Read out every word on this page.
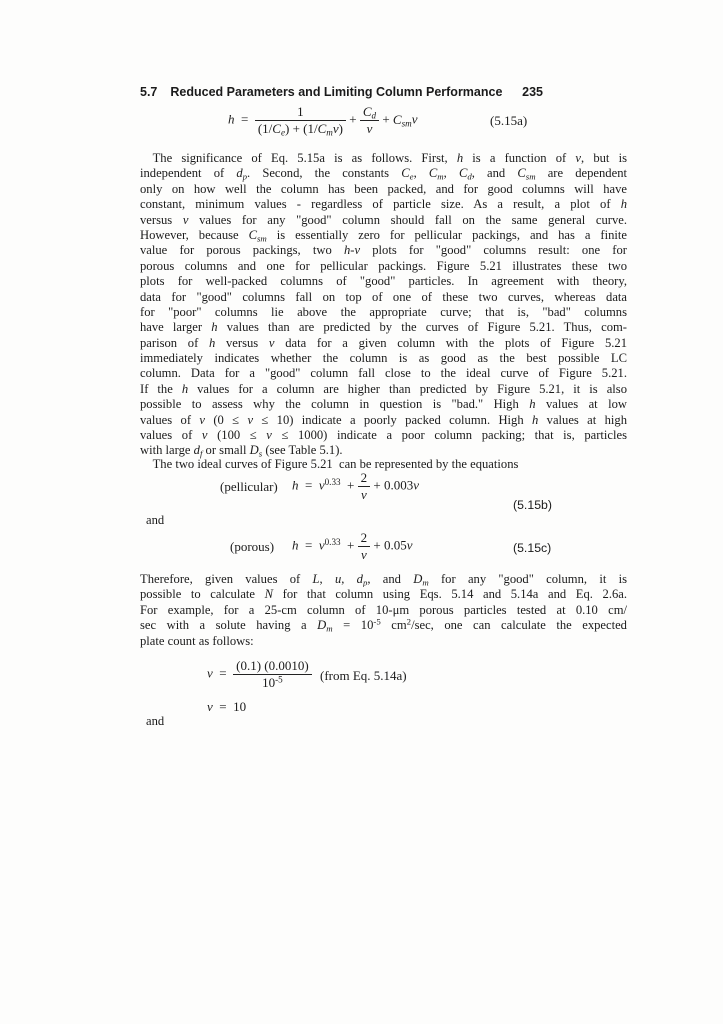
5.7 Reduced Parameters and Limiting Column Performance 235
$h = \frac{1}{(1/C_e) + (1/C_m\nu)} + \frac{C_d}{\nu} + C_{sm}\nu$	(5.15a)
 The significance of Eq. 5.15a is as follows. First, h is a function of ν, but is
independent of $d_p$. Second, the constants $C_e$, $C_m$, $C_d$, and $C_{sm}$ are dependent
only on how well the column has been packed, and for good columns will have
constant, minimum values - regardless of particle size. As a result, a plot of h
versus ν values for any "good" column should fall on the same general curve.
However, because $C_{sm}$ is essentially zero for pellicular packings, and has a finite
value for porous packings, two h-ν plots for "good" columns result: one for
porous columns and one for pellicular packings. Figure 5.21 illustrates these two
plots for well-packed columns of "good" particles. In agreement with theory,
data for "good" columns fall on top of one of these two curves, whereas data
for "poor" columns lie above the appropriate curve; that is, "bad" columns
have larger h values than are predicted by the curves of Figure 5.21. Thus, com-
parison of h versus ν data for a given column with the plots of Figure 5.21
immediately indicates whether the column is as good as the best possible LC
column. Data for a "good" column fall close to the ideal curve of Figure 5.21.
If the h values for a column are higher than predicted by Figure 5.21, it is also
possible to assess why the column in question is "bad." High h values at low
values of ν (0 ≤ ν ≤ 10) indicate a poorly packed column. High h values at high
values of ν (100 ≤ ν ≤ 1000) indicate a poor column packing; that is, particles
with large $d_f$ or small $D_s$ (see Table 5.1).
 The two ideal curves of Figure 5.21  can be represented by the equations
(pellicular) $h = \nu^{0.33} + \frac{2}{\nu} + 0.003\nu$
(5.15b)
and
(porous) $h = \nu^{0.33} + \frac{2}{\nu} + 0.05\nu$	(5.15c)
Therefore, given values of L, u, $d_p$, and $D_m$ for any "good" column, it is
possible to calculate N for that column using Eqs. 5.14 and 5.14a and Eq. 2.6a.
For example, for a 25-cm column of 10-μm porous particles tested at 0.10 cm/
sec with a solute having a $D_m = 10^{-5}$ $cm^2/\sec$, one can calculate the expected
plate count as follows:
$\nu = \frac{(0.1) (0.0010)}{10^{-5}}$ (from Eq. 5.14a)
ν  =  10
and
